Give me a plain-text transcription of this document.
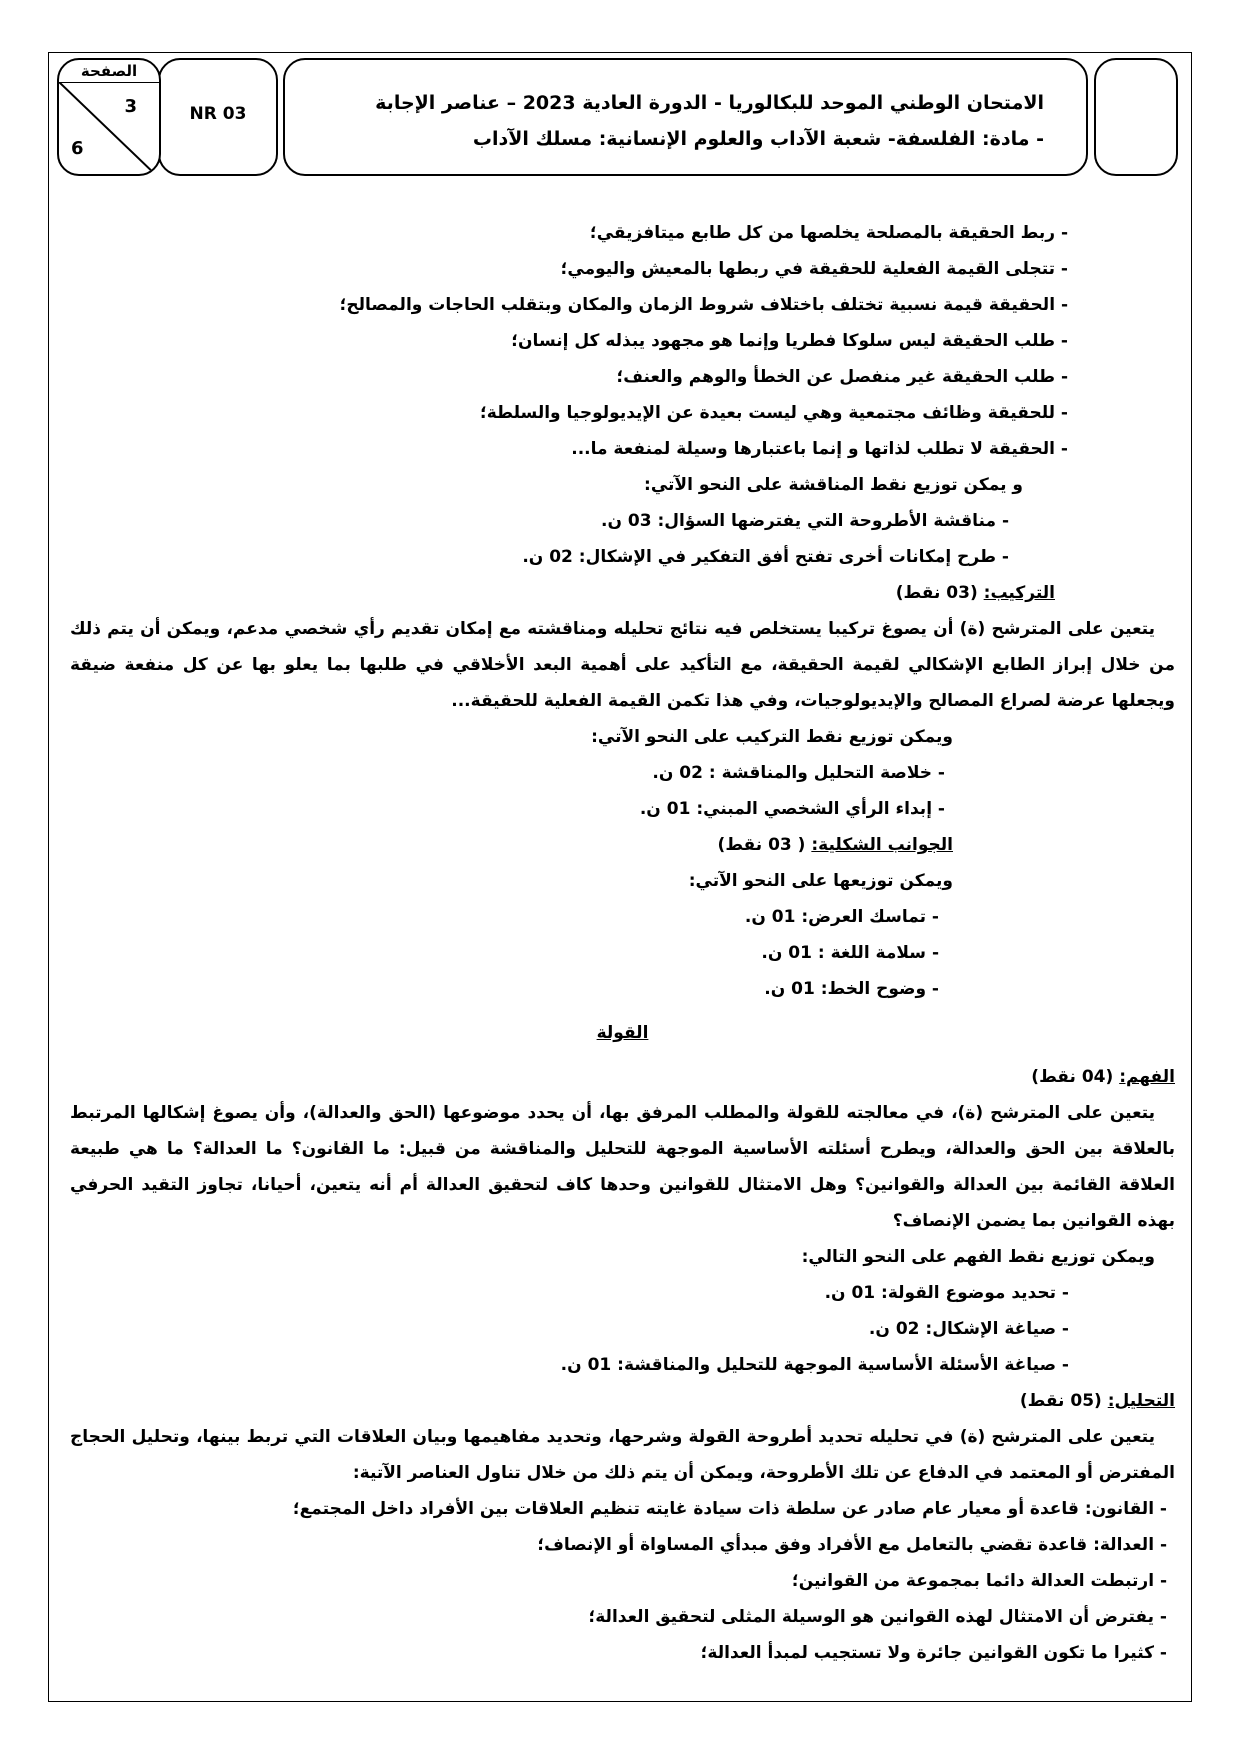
الامتحان الوطني الموحد للبكالوريا - الدورة العادية 2023 – عناصر الإجابة
- مادة: الفلسفة- شعبة الآداب والعلوم الإنسانية: مسلك الآداب
NR 03
الصفحة
3
6
- ربط الحقيقة بالمصلحة يخلصها من كل طابع ميتافزيقي؛
- تتجلى القيمة الفعلية للحقيقة في ربطها بالمعيش واليومي؛
- الحقيقة قيمة نسبية تختلف باختلاف شروط الزمان والمكان وبتقلب الحاجات والمصالح؛
- طلب الحقيقة ليس سلوكا فطريا وإنما هو مجهود يبذله كل إنسان؛
- طلب الحقيقة غير منفصل عن الخطأ والوهم والعنف؛
- للحقيقة وظائف مجتمعية وهي ليست بعيدة عن الإيديولوجيا والسلطة؛
- الحقيقة لا تطلب لذاتها و إنما باعتبارها وسيلة لمنفعة ما...
و يمكن توزيع نقط المناقشة على النحو الآتي:
- مناقشة الأطروحة التي يفترضها السؤال: 03 ن.
- طرح إمكانات أخرى تفتح أفق التفكير في الإشكال: 02 ن.
التركيب: (03 نقط)
يتعين على المترشح (ة) أن يصوغ تركيبا يستخلص فيه نتائج تحليله ومناقشته مع إمكان تقديم رأي شخصي مدعم، ويمكن أن يتم ذلك من خلال إبراز الطابع الإشكالي لقيمة الحقيقة، مع التأكيد على أهمية البعد الأخلاقي في طلبها بما يعلو بها عن كل منفعة ضيقة ويجعلها عرضة لصراع المصالح والإيديولوجيات، وفي هذا تكمن القيمة الفعلية للحقيقة...
ويمكن توزيع نقط التركيب على النحو الآتي:
- خلاصة التحليل والمناقشة : 02 ن.
- إبداء الرأي الشخصي المبني: 01 ن.
الجوانب الشكلية: ( 03 نقط)
ويمكن توزيعها على النحو الآتي:
- تماسك العرض: 01 ن.
- سلامة اللغة : 01 ن.
- وضوح الخط: 01 ن.
القولة
الفهم: (04 نقط)
يتعين على المترشح (ة)، في معالجته للقولة والمطلب المرفق بها، أن يحدد موضوعها (الحق والعدالة)، وأن يصوغ إشكالها المرتبط بالعلاقة بين الحق والعدالة، ويطرح أسئلته الأساسية الموجهة للتحليل والمناقشة من قبيل: ما القانون؟ ما العدالة؟ ما هي طبيعة العلاقة القائمة بين العدالة والقوانين؟ وهل الامتثال للقوانين وحدها كاف لتحقيق العدالة أم أنه يتعين، أحيانا، تجاوز التقيد الحرفي بهذه القوانين بما يضمن الإنصاف؟
ويمكن توزيع نقط الفهم على النحو التالي:
- تحديد موضوع القولة: 01 ن.
- صياغة الإشكال: 02 ن.
- صياغة الأسئلة الأساسية الموجهة للتحليل والمناقشة: 01 ن.
التحليل: (05 نقط)
يتعين على المترشح (ة) في تحليله تحديد أطروحة القولة وشرحها، وتحديد مفاهيمها وبيان العلاقات التي تربط بينها، وتحليل الحجاج المفترض أو المعتمد في الدفاع عن تلك الأطروحة، ويمكن أن يتم ذلك من خلال تناول العناصر الآتية:
- القانون: قاعدة أو معيار عام صادر عن سلطة ذات سيادة غايته تنظيم العلاقات بين الأفراد داخل المجتمع؛
- العدالة: قاعدة تقضي بالتعامل مع الأفراد وفق مبدأي المساواة أو الإنصاف؛
- ارتبطت العدالة دائما بمجموعة من القوانين؛
- يفترض أن الامتثال لهذه القوانين هو الوسيلة المثلى لتحقيق العدالة؛
- كثيرا ما تكون القوانين جائرة ولا تستجيب لمبدأ العدالة؛
